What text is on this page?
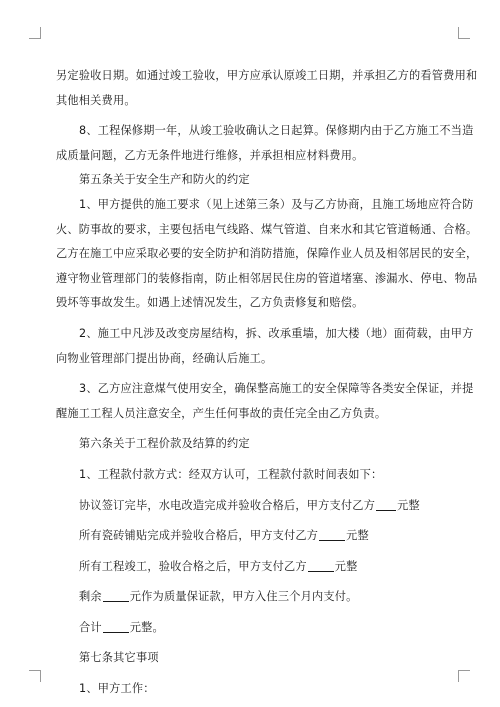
另定验收日期。如通过竣工验收，甲方应承认原竣工日期，并承担乙方的看管费用和
其他相关费用。
8、工程保修期一年，从竣工验收确认之日起算。保修期内由于乙方施工不当造
成质量问题，乙方无条件地进行维修，并承担相应材料费用。
第五条关于安全生产和防火的约定
1、甲方提供的施工要求（见上述第三条）及与乙方协商，且施工场地应符合防
火、防事故的要求，主要包括电气线路、煤气管道、自来水和其它管道畅通、合格。
乙方在施工中应采取必要的安全防护和消防措施，保障作业人员及相邻居民的安全，
遵守物业管理部门的装修指南，防止相邻居民住房的管道堵塞、渗漏水、停电、物品
毁坏等事故发生。如遇上述情况发生，乙方负责修复和赔偿。
2、施工中凡涉及改变房屋结构，拆、改承重墙，加大楼（地）面荷载，由甲方
向物业管理部门提出协商，经确认后施工。
3、乙方应注意煤气使用安全，确保整高施工的安全保障等各类安全保证，并提
醒施工工程人员注意安全，产生任何事故的责任完全由乙方负责。
第六条关于工程价款及结算的约定
1、工程款付款方式：经双方认可，工程款付款时间表如下：
协议签订完毕，水电改造完成并验收合格后，甲方支付乙方 元整
所有瓷砖铺贴完成并验收合格后，甲方支付乙方	元整
所有工程竣工，验收合格之后，甲方支付乙方	元整
剩余	元作为质量保证款，甲方入住三个月内支付。
合计	元整。
第七条其它事项
1、甲方工作：
